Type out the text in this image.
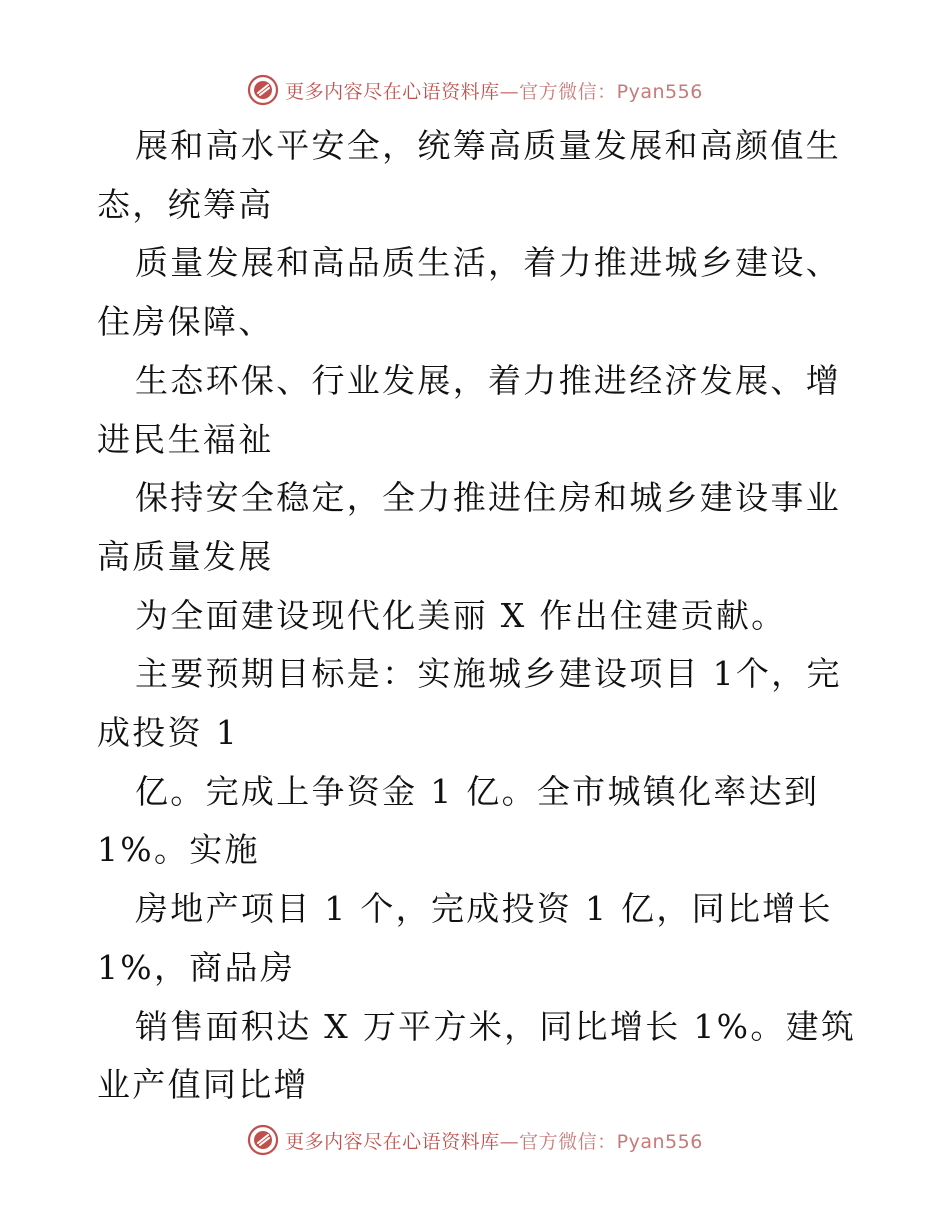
更多内容尽在心语资料库—官方微信：Pyan556

展和高水平安全，统筹高质量发展和高颜值生态，统筹高

质量发展和高品质生活，着力推进城乡建设、住房保障、

生态环保、行业发展，着力推进经济发展、增进民生福祉

保持安全稳定，全力推进住房和城乡建设事业高质量发展

为全面建设现代化美丽 X 作出住建贡献。

主要预期目标是：实施城乡建设项目 1个，完成投资 1

亿。完成上争资金 1 亿。全市城镇化率达到 1%。实施

房地产项目 1 个，完成投资 1 亿，同比增长 1%，商品房

销售面积达 X 万平方米，同比增长 1%。建筑业产值同比增

更多内容尽在心语资料库—官方微信：Pyan556
